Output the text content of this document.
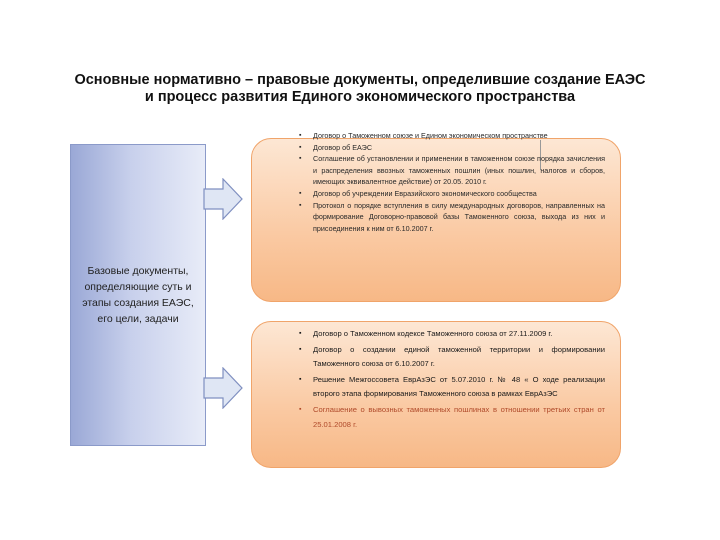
Основные нормативно – правовые документы, определившие создание ЕАЭС
и процесс развития Единого экономического пространства
Базовые документы, определяющие суть и этапы создания ЕАЭС, его цели, задачи
▪ Договор о Таможенном союзе и Едином экономическом пространстве
▪ Договор об ЕАЭС
▪ Соглашение об установлении и применении в таможенном союзе порядка зачисления и распределения ввозных таможенных пошлин (иных пошлин, налогов и сборов, имеющих эквивалентное действие) от 20.05. 2010 г.
▪ Договор об учреждении Евразийского экономического сообщества
▪ Протокол о порядке вступления в силу международных договоров, направленных на формирование Договорно-правовой базы Таможенного союза, выхода из них и присоединения к ним от 6.10.2007 г.
▪ Договор о Таможенном кодексе Таможенного союза от 27.11.2009 г.
▪ Договор о создании единой таможенной территории и формировании Таможенного союза от 6.10.2007 г.
▪ Решение Межгоссовета ЕврАзЭС от 5.07.2010 г. № 48 « О ходе реализации второго этапа формирования Таможенного союза в рамках ЕврАзЭС
▪ Соглашение о вывозных таможенных пошлинах в отношении третьих стран от 25.01.2008 г.
